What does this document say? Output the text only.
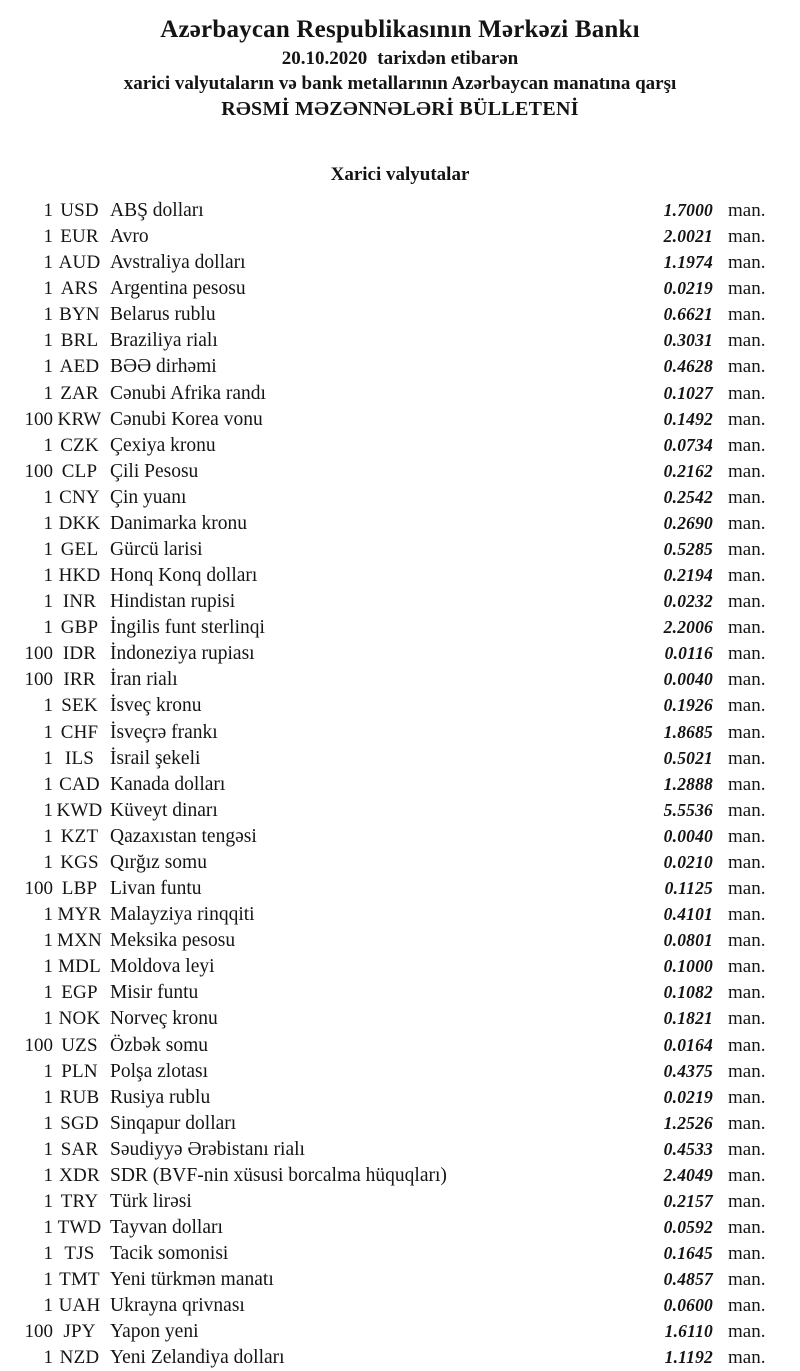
Azərbaycan Respublikasının Mərkəzi Bankı
20.10.2020 tarixdən etibarən
xarici valyutaların və bank metallarının Azərbaycan manatına qarşı
RƏSMİ MƏZƏNNƏLƏRİ BÜLLETENİ
Xarici valyutalar
1 USD ABŞ dolları	1.7000 man.
1 EUR Avro	2.0021 man.
1 AUD Avstraliya dolları	1.1974 man.
1 ARS Argentina pesosu	0.0219 man.
1 BYN Belarus rublu	0.6621 man.
1 BRL Braziliya rialı	0.3031 man.
1 AED BƏƏ dirhəmi	0.4628 man.
1 ZAR Cənubi Afrika randı	0.1027 man.
100 KRW Cənubi Korea vonu	0.1492 man.
1 CZK Çexiya kronu	0.0734 man.
100 CLP Çili Pesosu	0.2162 man.
1 CNY Çin yuanı	0.2542 man.
1 DKK Danimarka kronu	0.2690 man.
1 GEL Gürcü larisi	0.5285 man.
1 HKD Honq Konq dolları	0.2194 man.
1 INR Hindistan rupisi	0.0232 man.
1 GBP İngilis funt sterlinqi	2.2006 man.
100 IDR İndoneziya rupiası	0.0116 man.
100 IRR İran rialı	0.0040 man.
1 SEK İsveç kronu	0.1926 man.
1 CHF İsveçrə frankı	1.8685 man.
1 ILS İsrail şekeli	0.5021 man.
1 CAD Kanada dolları	1.2888 man.
1 KWD Küveyt dinarı	5.5536 man.
1 KZT Qazaxıstan tengəsi	0.0040 man.
1 KGS Qırğız somu	0.0210 man.
100 LBP Livan funtu	0.1125 man.
1 MYR Malayziya rinqqiti	0.4101 man.
1 MXN Meksika pesosu	0.0801 man.
1 MDL Moldova leyi	0.1000 man.
1 EGP Misir funtu	0.1082 man.
1 NOK Norveç kronu	0.1821 man.
100 UZS Özbək somu	0.0164 man.
1 PLN Polşa zlotası	0.4375 man.
1 RUB Rusiya rublu	0.0219 man.
1 SGD Sinqapur dolları	1.2526 man.
1 SAR Səudiyyə Ərəbistanı rialı	0.4533 man.
1 XDR SDR (BVF-nin xüsusi borcalma hüquqları)	2.4049 man.
1 TRY Türk lirəsi	0.2157 man.
1 TWD Tayvan dolları	0.0592 man.
1 TJS Tacik somonisi	0.1645 man.
1 TMT Yeni türkmən manatı	0.4857 man.
1 UAH Ukrayna qrivnası	0.0600 man.
100 JPY Yapon yeni	1.6110 man.
1 NZD Yeni Zelandiya dolları	1.1192 man.
